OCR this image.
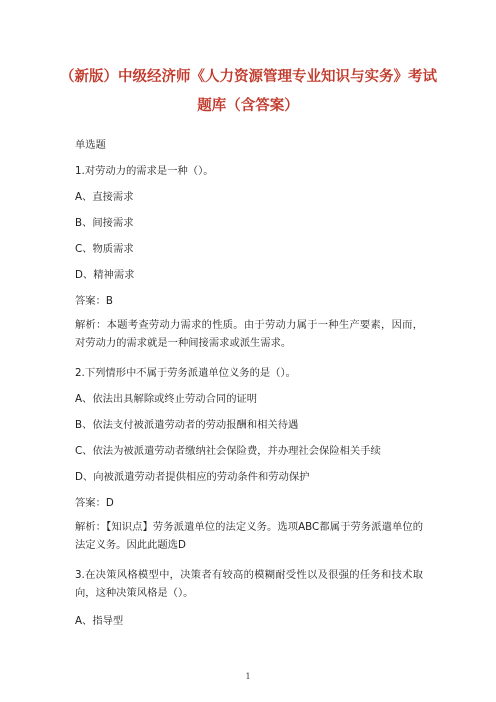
（新版）中级经济师《人力资源管理专业知识与实务》考试
题库（含答案）
单选题
1.对劳动力的需求是一种（）。
A、直接需求
B、间接需求
C、物质需求
D、精神需求
答案：B
解析：本题考查劳动力需求的性质。由于劳动力属于一种生产要素，因而，对劳动力的需求就是一种间接需求或派生需求。
2.下列情形中不属于劳务派遣单位义务的是（）。
A、依法出具解除或终止劳动合同的证明
B、依法支付被派遣劳动者的劳动报酬和相关待遇
C、依法为被派遣劳动者缴纳社会保险费，并办理社会保险相关手续
D、向被派遣劳动者提供相应的劳动条件和劳动保护
答案：D
解析：【知识点】劳务派遣单位的法定义务。选项ABC都属于劳务派遣单位的法定义务。因此此题选D
3.在决策风格模型中，决策者有较高的模糊耐受性以及很强的任务和技术取向，这种决策风格是（）。
A、指导型
1
